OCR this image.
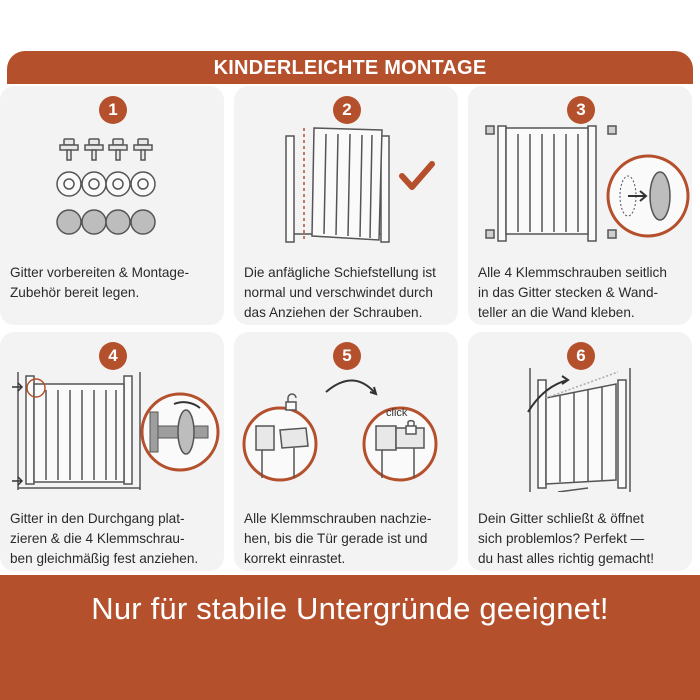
KINDERLEICHTE MONTAGE
1
Gitter vorbereiten & Montage-
Zubehör bereit legen.
2
Die anfägliche Schiefstellung ist
normal und verschwindet durch
das Anziehen der Schrauben.
3
Alle 4 Klemmschrauben seitlich
in das Gitter stecken & Wand-
teller an die Wand kleben.
4
Gitter in den Durchgang plat-
zieren & die 4 Klemmschrau-
ben gleichmäßig fest anziehen.
5
click
Alle Klemmschrauben nachzie-
hen, bis die Tür gerade ist und
korrekt einrastet.
6
Dein Gitter schließt & öffnet
sich problemlos? Perfekt —
du hast alles richtig gemacht!
Nur für stabile Untergründe geeignet!
